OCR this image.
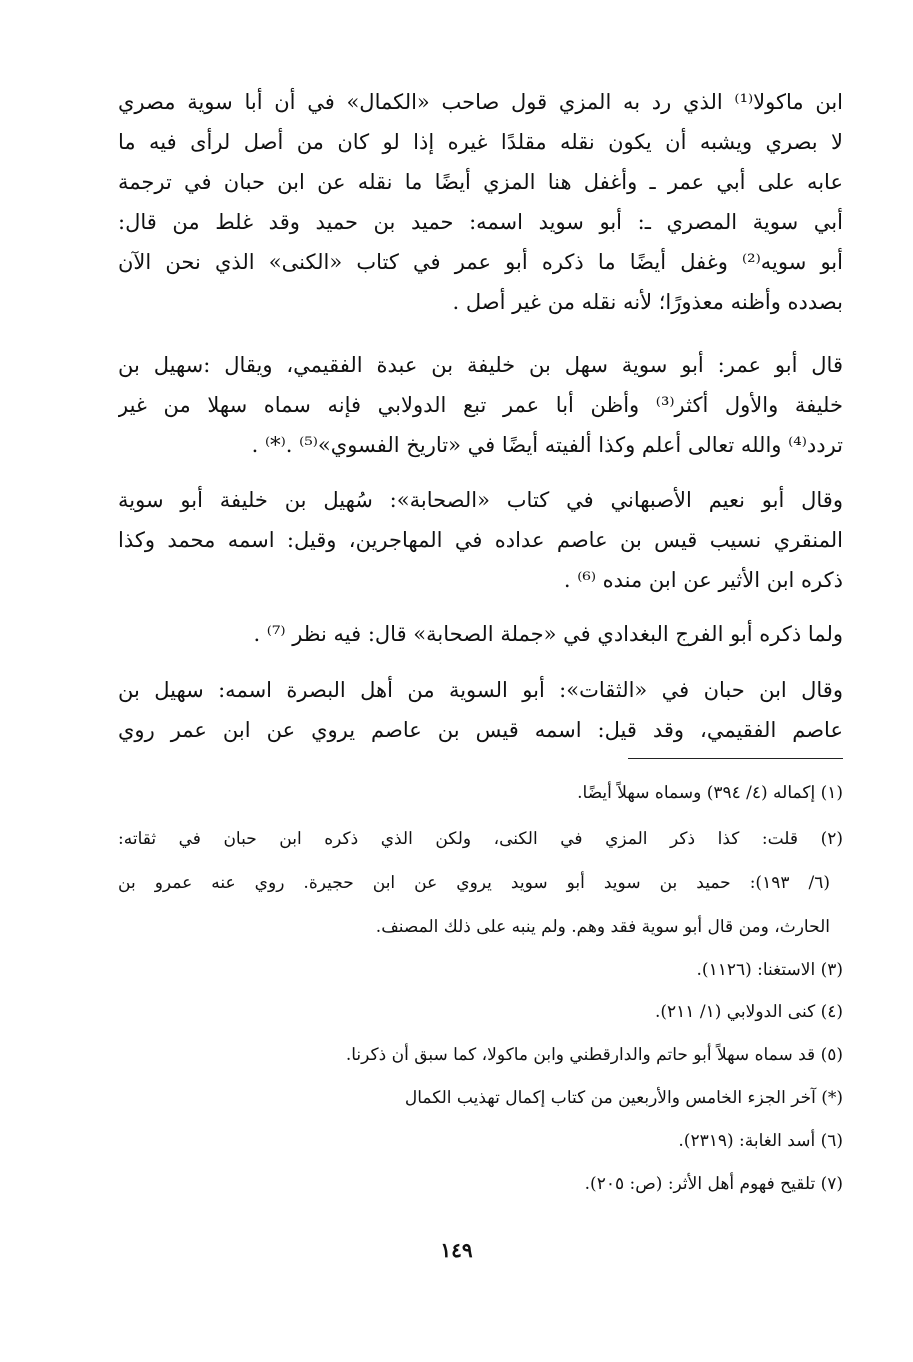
ابن ماكولا⁽¹⁾ الذي رد به المزي قول صاحب «الكمال» في أن أبا سوية مصري
لا بصري ويشبه أن يكون نقله مقلدًا غيره إذا لو كان من أصل لرأى فيه ما
عابه على أبي عمر ـ وأغفل هنا المزي أيضًا ما نقله عن ابن حبان في ترجمة
أبي سوية المصري ـ: أبو سويد اسمه: حميد بن حميد وقد غلط من قال:
أبو سويه⁽²⁾ وغفل أيضًا ما ذكره أبو عمر في كتاب «الكنى» الذي نحن الآن
بصدده وأظنه معذورًا؛ لأنه نقله من غير أصل .
قال أبو عمر: أبو سوية سهل بن خليفة بن عبدة الفقيمي، ويقال :سهيل بن
خليفة والأول أكثر⁽³⁾ وأظن أبا عمر تبع الدولابي فإنه سماه سهلا من غير
تردد⁽⁴⁾ والله تعالى أعلم وكذا ألفيته أيضًا في «تاريخ الفسوي»⁽⁵⁾ .⁽*⁾ .
وقال أبو نعيم الأصبهاني في كتاب «الصحابة»: سُهيل بن خليفة أبو سوية
المنقري نسيب قيس بن عاصم عداده في المهاجرين، وقيل: اسمه محمد وكذا
ذكره ابن الأثير عن ابن منده ⁽⁶⁾ .
ولما ذكره أبو الفرج البغدادي في «جملة الصحابة» قال: فيه نظر ⁽⁷⁾ .
وقال ابن حبان في «الثقات»: أبو السوية من أهل البصرة اسمه: سهيل بن
عاصم الفقيمي، وقد قيل: اسمه قيس بن عاصم يروي عن ابن عمر روي
(١) إكماله (٤/ ٣٩٤) وسماه سهلاً أيضًا.
(٢) قلت: كذا ذكر المزي في الكنى، ولكن الذي ذكره ابن حبان في ثقاته:
(٦/ ١٩٣): حميد بن سويد أبو سويد يروي عن ابن حجيرة. روي عنه عمرو بن
الحارث، ومن قال أبو سوية فقد وهم. ولم ينبه على ذلك المصنف.
(٣) الاستغنا: (١١٢٦).
(٤) كنى الدولابي (١/ ٢١١).
(٥) قد سماه سهلاً أبو حاتم والدارقطني وابن ماكولا، كما سبق أن ذكرنا.
(*) آخر الجزء الخامس والأربعين من كتاب إكمال تهذيب الكمال
(٦) أسد الغابة: (٢٣١٩).
(٧) تلقيح فهوم أهل الأثر: (ص: ٢٠٥).
١٤٩
